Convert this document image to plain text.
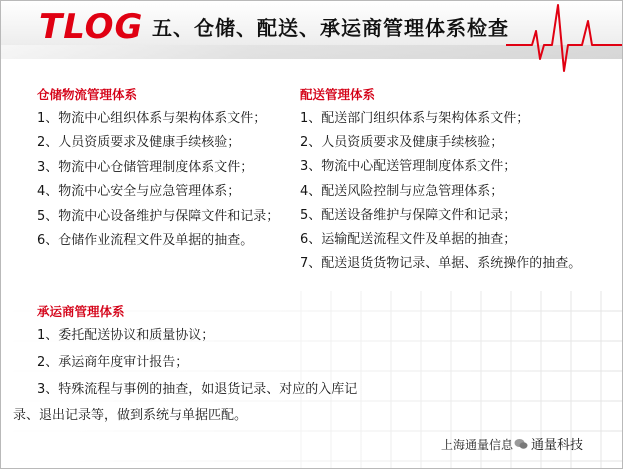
TLOG 五、仓储、配送、承运商管理体系检查
仓储物流管理体系
1、物流中心组织体系与架构体系文件；
2、人员资质要求及健康手续核验；
3、物流中心仓储管理制度体系文件；
4、物流中心安全与应急管理体系；
5、物流中心设备维护与保障文件和记录；
6、仓储作业流程文件及单据的抽查。
配送管理体系
1、配送部门组织体系与架构体系文件；
2、人员资质要求及健康手续核验；
3、物流中心配送管理制度体系文件；
4、配送风险控制与应急管理体系；
5、配送设备维护与保障文件和记录；
6、运输配送流程文件及单据的抽查；
7、配送退货货物记录、单据、系统操作的抽查。
承运商管理体系
1、委托配送协议和质量协议；
2、承运商年度审计报告；
3、特殊流程与事例的抽查，如退货记录、对应的入库记
录、退出记录等，做到系统与单据匹配。
上海通量信息 通量科技
